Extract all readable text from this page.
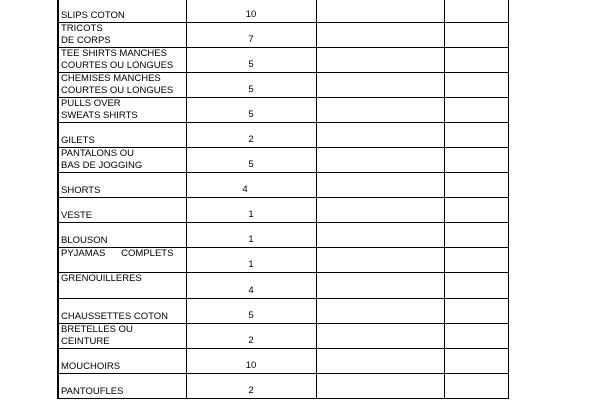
SLIPS COTON	10		

TRICOTS
DE CORPS	7		

TEE SHIRTS MANCHES
COURTES OU LONGUES	5		

CHEMISES MANCHES
COURTES OU LONGUES	5		

PULLS OVER
SWEATS SHIRTS	5		

GILETS	2		

PANTALONS OU
BAS DE JOGGING	5		

SHORTS	4		

VESTE	1		

BLOUSON	1		

PYJAMAS      COMPLETS	1		

GRENOUILLERES	4		

CHAUSSETTES COTON	5		

BRETELLES OU
CEINTURE	2		

MOUCHOIRS	10		

PANTOUFLES	2		
